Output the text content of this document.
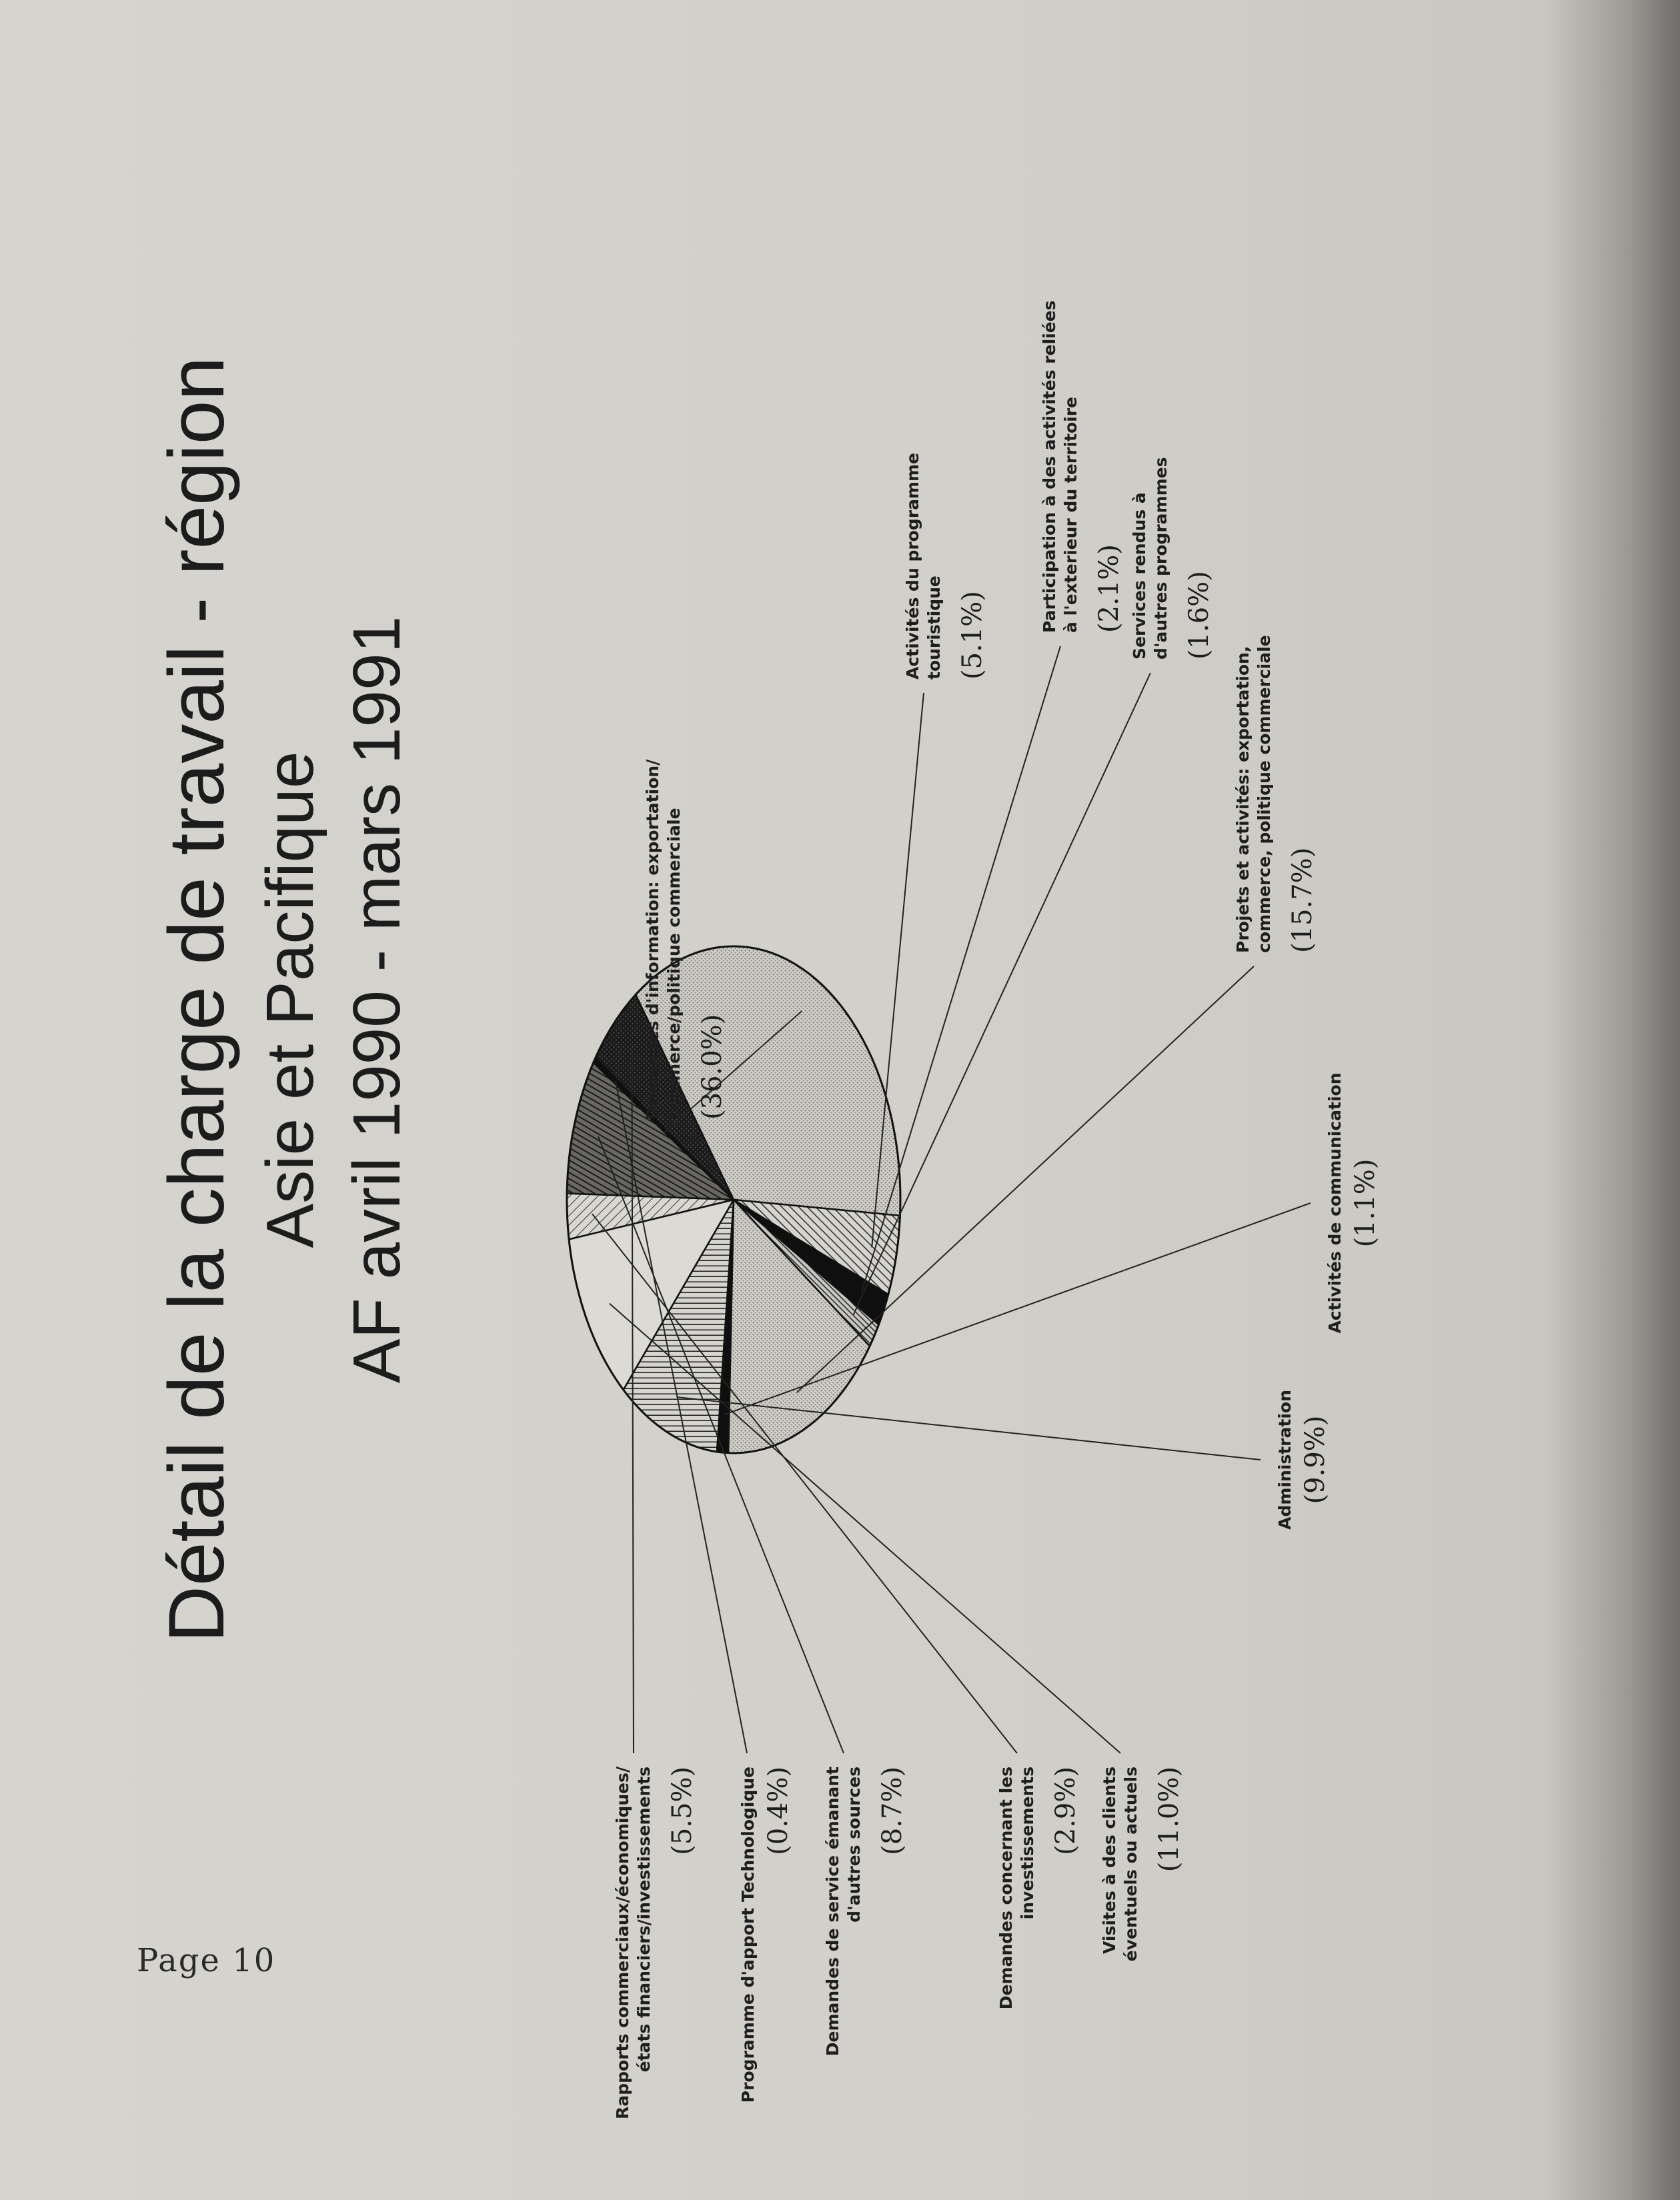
Page 10
Détail de la charge de travail - région Asie et Pacifique AF avril 1990 - mars 1991	Demandes d'information: exportation/ commerce/politique commerciale (36.0%)
Activités du programme touristique (5.1%)
Participation à des activités reliées à l'exterieur du territoire (2.1%) Services rendus à d'autres programmes (1.6%)
Projets et activités: exportation, commerce, politique commerciale (15.7%)
Activités de communication (1.1%)
Administration (9.9%)
Visites à des clients éventuels ou actuels (11.0%)
Demandes concernant les investissements (2.9%)
Demandes de service émanant d'autres sources (8.7%)
Programme d'apport Technologique (0.4%)
Rapports commerciaux/économiques/ états financiers/investissements (5.5%)
